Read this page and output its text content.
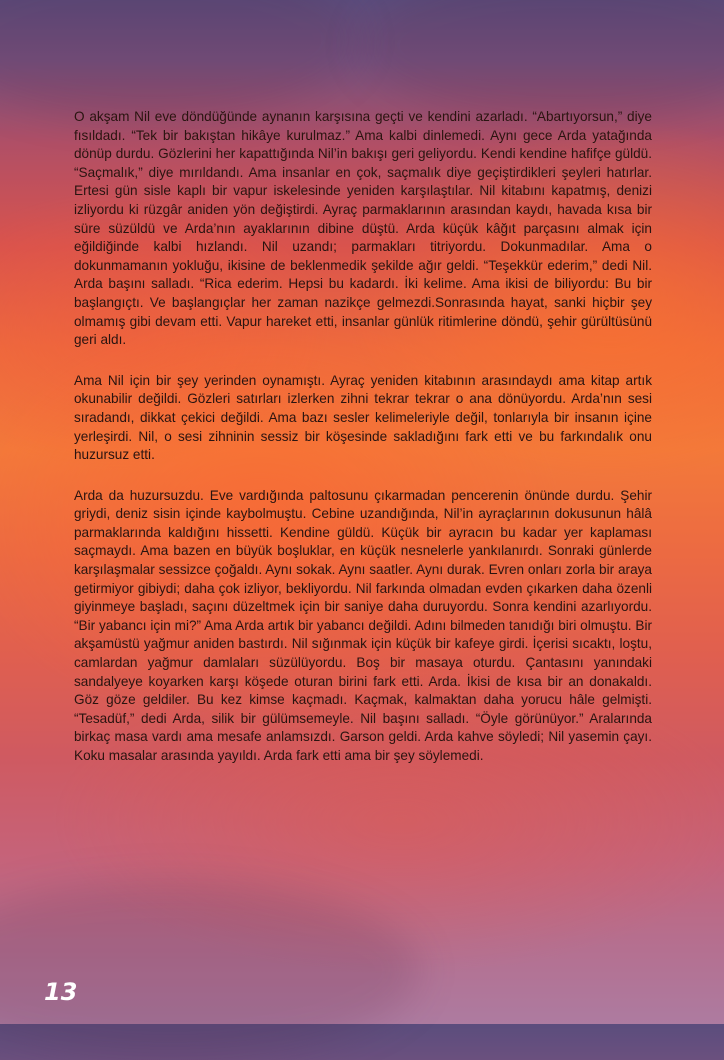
O akşam Nil eve döndüğünde aynanın karşısına geçti ve kendini azarladı. “Abartıyorsun,” diye fısıldadı. “Tek bir bakıştan hikâye kurulmaz.” Ama kalbi dinlemedi. Aynı gece Arda yatağında dönüp durdu. Gözlerini her kapattığında Nil’in bakışı geri geliyordu. Kendi kendine hafifçe güldü. “Saçmalık,” diye mırıldandı. Ama insanlar en çok, saçmalık diye geçiştirdikleri şeyleri hatırlar. Ertesi gün sisle kaplı bir vapur iskelesinde yeniden karşılaştılar. Nil kitabını kapatmış, denizi izliyordu ki rüzgâr aniden yön değiştirdi. Ayraç parmaklarının arasından kaydı, havada kısa bir süre süzüldü ve Arda’nın ayaklarının dibine düştü. Arda küçük kâğıt parçasını almak için eğildiğinde kalbi hızlandı. Nil uzandı; parmakları titriyordu. Dokunmadılar. Ama o dokunmamanın yokluğu, ikisine de beklenmedik şekilde ağır geldi. “Teşekkür ederim,” dedi Nil. Arda başını salladı. “Rica ederim. Hepsi bu kadardı. İki kelime. Ama ikisi de biliyordu: Bu bir başlangıçtı. Ve başlangıçlar her zaman nazikçe gelmezdi.Sonrasında hayat, sanki hiçbir şey olmamış gibi devam etti. Vapur hareket etti, insanlar günlük ritimlerine döndü, şehir gürültüsünü geri aldı.

Ama Nil için bir şey yerinden oynamıştı. Ayraç yeniden kitabının arasındaydı ama kitap artık okunabilir değildi. Gözleri satırları izlerken zihni tekrar tekrar o ana dönüyordu. Arda’nın sesi sıradandı, dikkat çekici değildi. Ama bazı sesler kelimeleriyle değil, tonlarıyla bir insanın içine yerleşirdi. Nil, o sesi zihninin sessiz bir köşesinde sakladığını fark etti ve bu farkındalık onu huzursuz etti.

Arda da huzursuzdu. Eve vardığında paltosunu çıkarmadan pencerenin önünde durdu. Şehir griydi, deniz sisin içinde kaybolmuştu. Cebine uzandığında, Nil’in ayraçlarının dokusunun hâlâ parmaklarında kaldığını hissetti. Kendine güldü. Küçük bir ayracın bu kadar yer kaplaması saçmaydı. Ama bazen en büyük boşluklar, en küçük nesnelerle yankılanırdı. Sonraki günlerde karşılaşmalar sessizce çoğaldı. Aynı sokak. Aynı saatler. Aynı durak. Evren onları zorla bir araya getirmiyor gibiydi; daha çok izliyor, bekliyordu. Nil farkında olmadan evden çıkarken daha özenli giyinmeye başladı, saçını düzeltmek için bir saniye daha duruyordu. Sonra kendini azarlıyordu. “Bir yabancı için mi?” Ama Arda artık bir yabancı değildi. Adını bilmeden tanıdığı biri olmuştu. Bir akşamüstü yağmur aniden bastırdı. Nil sığınmak için küçük bir kafeye girdi. İçerisi sıcaktı, loştu, camlardan yağmur damlaları süzülüyordu. Boş bir masaya oturdu. Çantasını yanındaki sandalyeye koyarken karşı köşede oturan birini fark etti. Arda. İkisi de kısa bir an donakaldı. Göz göze geldiler. Bu kez kimse kaçmadı. Kaçmak, kalmaktan daha yorucu hâle gelmişti. “Tesadüf,” dedi Arda, silik bir gülümsemeyle. Nil başını salladı. “Öyle görünüyor.” Aralarında birkaç masa vardı ama mesafe anlamsızdı. Garson geldi. Arda kahve söyledi; Nil yasemin çayı. Koku masalar arasında yayıldı. Arda fark etti ama bir şey söylemedi.

13
